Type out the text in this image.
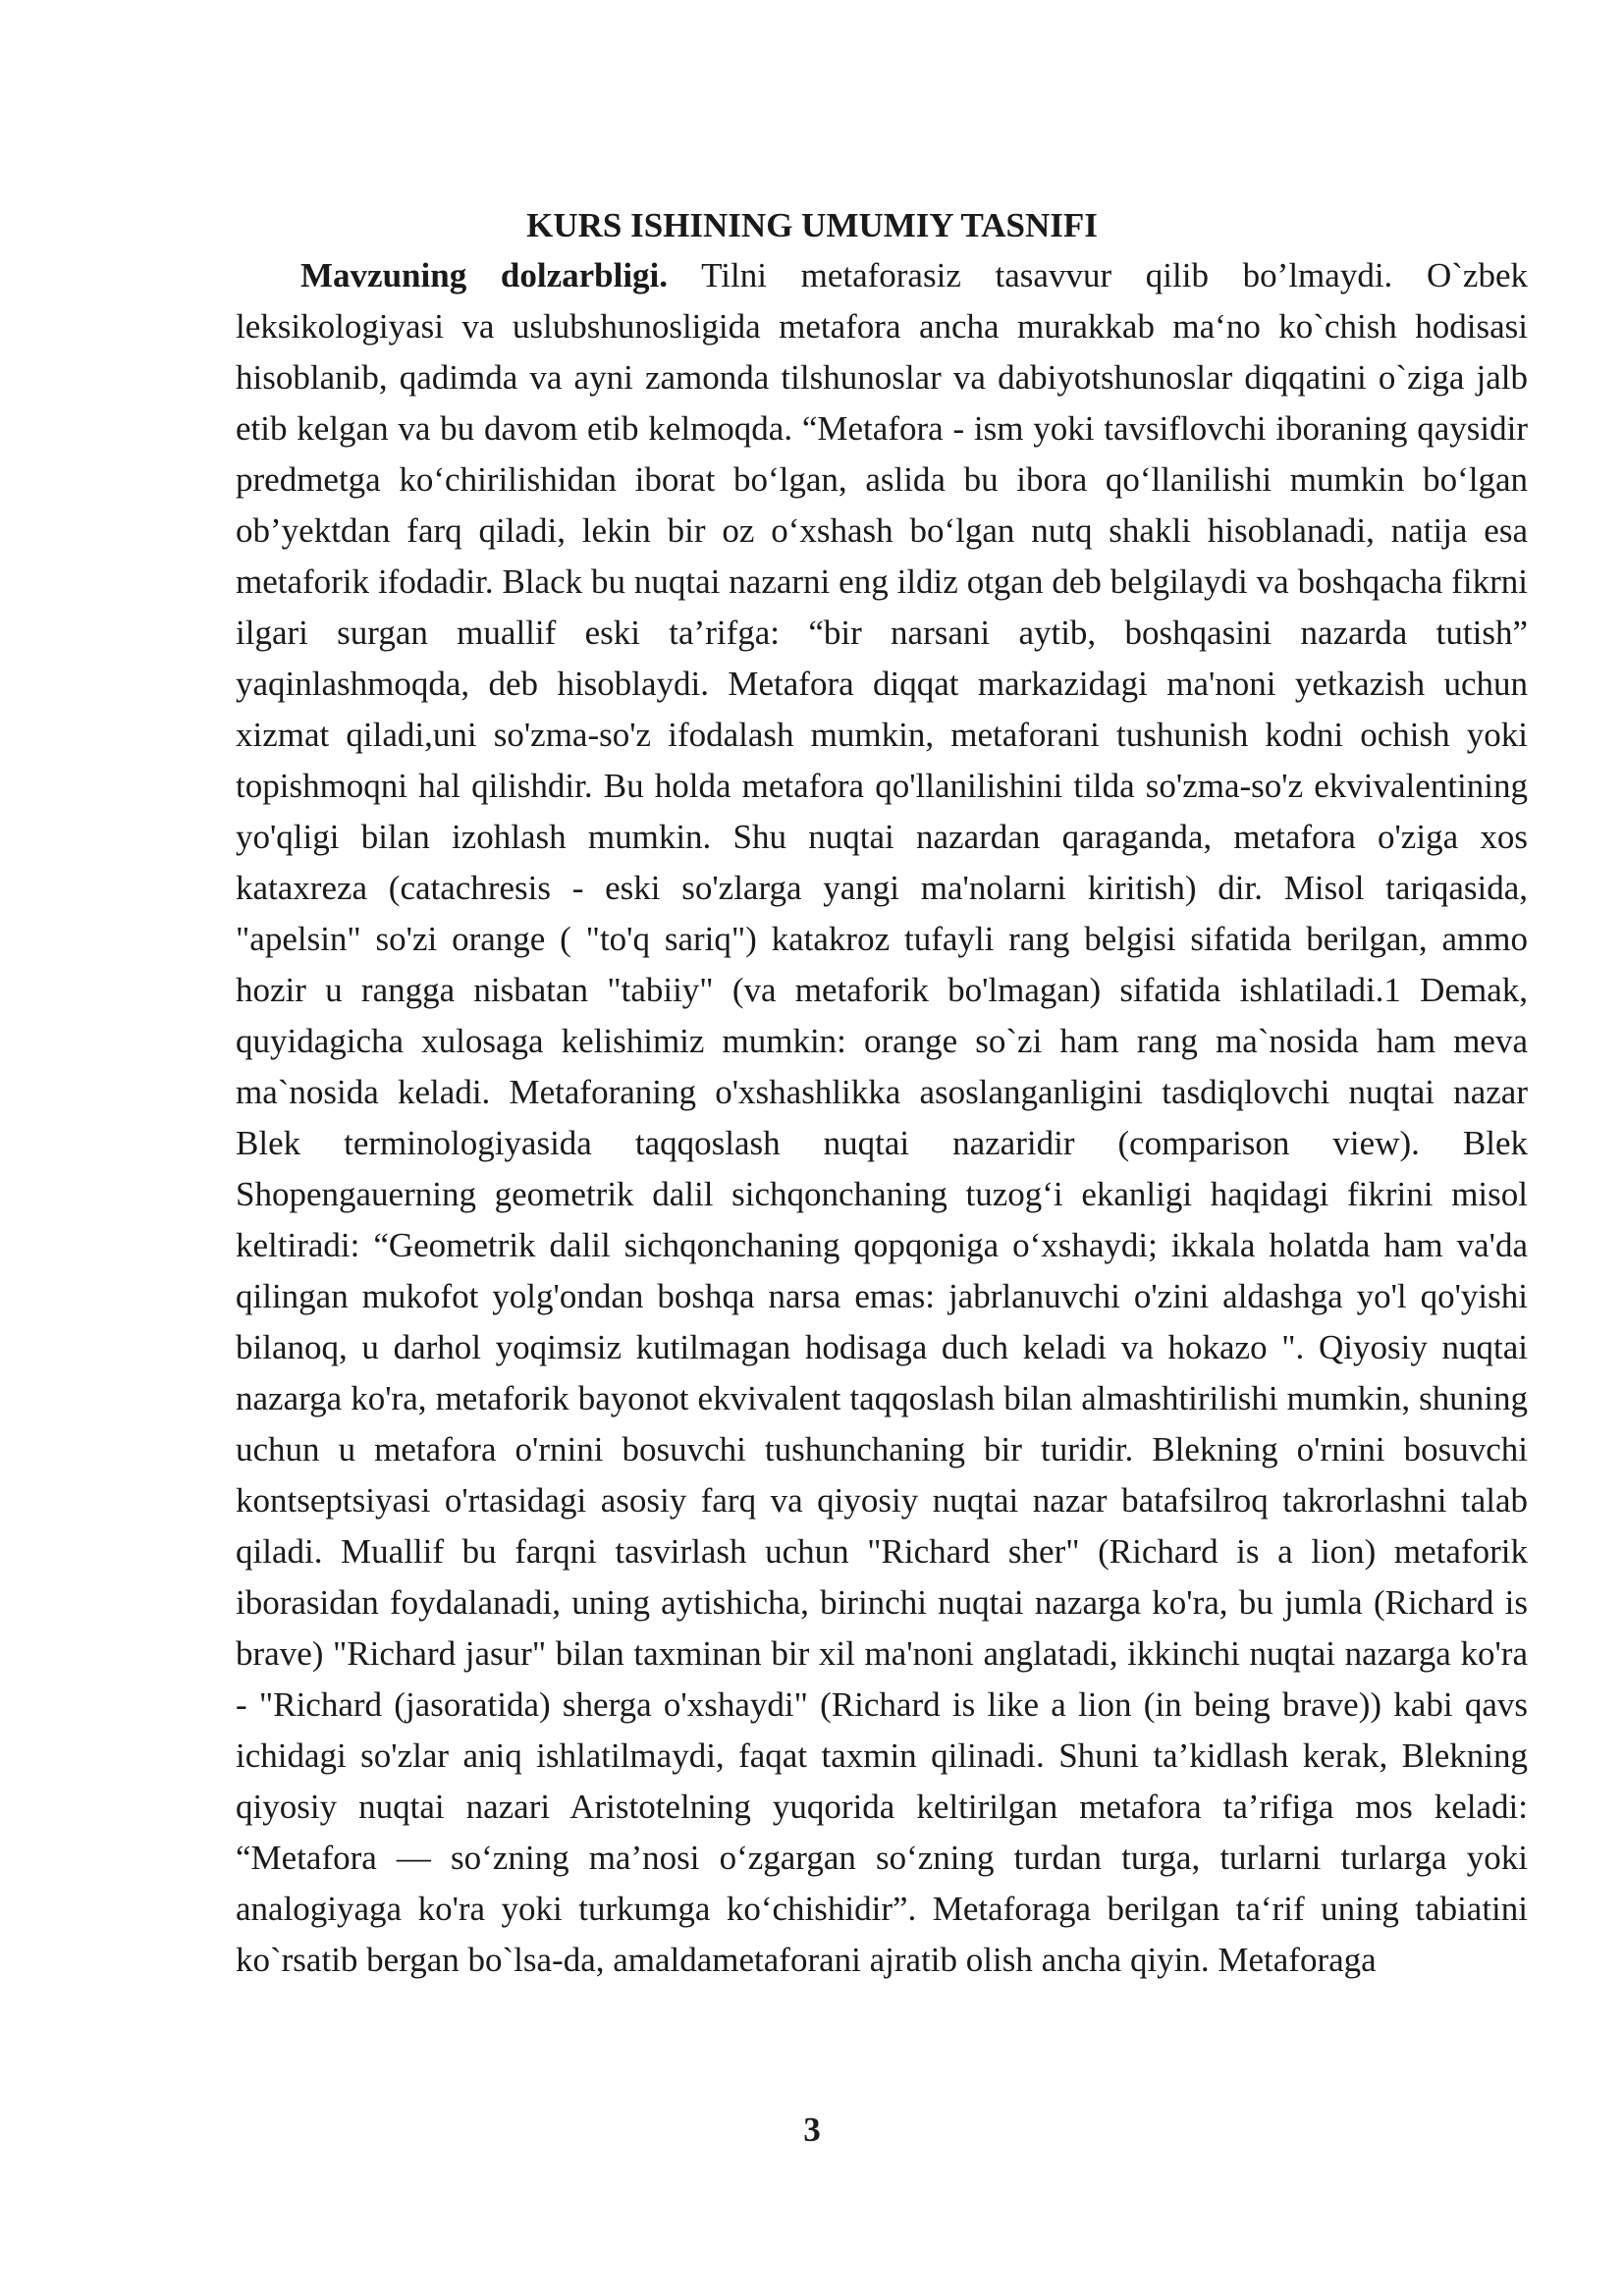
KURS ISHINING UMUMIY TASNIFI

Mavzuning dolzarbligi. Tilni metaforasiz tasavvur qilib bo’lmaydi. O`zbek leksikologiyasi va uslubshunosligida metafora ancha murakkab ma‘no ko`chish hodisasi hisoblanib, qadimda va ayni zamonda tilshunoslar va dabiyotshunoslar diqqatini o`ziga jalb etib kelgan va bu davom etib kelmoqda. “Metafora - ism yoki tavsiflovchi iboraning qaysidir predmetga ko‘chirilishidan iborat bo‘lgan, aslida bu ibora qo‘llanilishi mumkin bo‘lgan ob’yektdan farq qiladi, lekin bir oz o‘xshash bo‘lgan nutq shakli hisoblanadi, natija esa metaforik ifodadir. Black bu nuqtai nazarni eng ildiz otgan deb belgilaydi va boshqacha fikrni ilgari surgan muallif eski ta’rifga: “bir narsani aytib, boshqasini nazarda tutish” yaqinlashmoqda, deb hisoblaydi. Metafora diqqat markazidagi ma'noni yetkazish uchun xizmat qiladi,uni so'zma-so'z ifodalash mumkin, metaforani tushunish kodni ochish yoki topishmoqni hal qilishdir. Bu holda metafora qo'llanilishini tilda so'zma-so'z ekvivalentining yo'qligi bilan izohlash mumkin. Shu nuqtai nazardan qaraganda, metafora o'ziga xos kataxreza (catachresis - eski so'zlarga yangi ma'nolarni kiritish) dir. Misol tariqasida, "apelsin" so'zi orange ( "to'q sariq") katakroz tufayli rang belgisi sifatida berilgan, ammo hozir u rangga nisbatan "tabiiy" (va metaforik bo'lmagan) sifatida ishlatiladi.1 Demak, quyidagicha xulosaga kelishimiz mumkin: orange so`zi ham rang ma`nosida ham meva ma`nosida keladi. Metaforaning o'xshashlikka asoslanganligini tasdiqlovchi nuqtai nazar Blek terminologiyasida taqqoslash nuqtai nazaridir (comparison view). Blek Shopengauerning geometrik dalil sichqonchaning tuzog‘i ekanligi haqidagi fikrini misol keltiradi: “Geometrik dalil sichqonchaning qopqoniga o‘xshaydi; ikkala holatda ham va'da qilingan mukofot yolg'ondan boshqa narsa emas: jabrlanuvchi o'zini aldashga yo'l qo'yishi bilanoq, u darhol yoqimsiz kutilmagan hodisaga duch keladi va hokazo ". Qiyosiy nuqtai nazarga ko'ra, metaforik bayonot ekvivalent taqqoslash bilan almashtirilishi mumkin, shuning uchun u metafora o'rnini bosuvchi tushunchaning bir turidir. Blekning o'rnini bosuvchi kontseptsiyasi o'rtasidagi asosiy farq va qiyosiy nuqtai nazar batafsilroq takrorlashni talab qiladi. Muallif bu farqni tasvirlash uchun "Richard sher" (Richard is a lion) metaforik iborasidan foydalanadi, uning aytishicha, birinchi nuqtai nazarga ko'ra, bu jumla (Richard is brave) "Richard jasur" bilan taxminan bir xil ma'noni anglatadi, ikkinchi nuqtai nazarga ko'ra - "Richard (jasoratida) sherga o'xshaydi" (Richard is like a lion (in being brave)) kabi qavs ichidagi so'zlar aniq ishlatilmaydi, faqat taxmin qilinadi. Shuni ta’kidlash kerak, Blekning qiyosiy nuqtai nazari Aristotelning yuqorida keltirilgan metafora ta’rifiga mos keladi: “Metafora — so‘zning ma’nosi o‘zgargan so‘zning turdan turga, turlarni turlarga yoki analogiyaga ko'ra yoki turkumga ko‘chishidir”. Metaforaga berilgan ta‘rif uning tabiatini ko`rsatib bergan bo`lsa-da, amaldametaforani ajratib olish ancha qiyin. Metaforaga

3
